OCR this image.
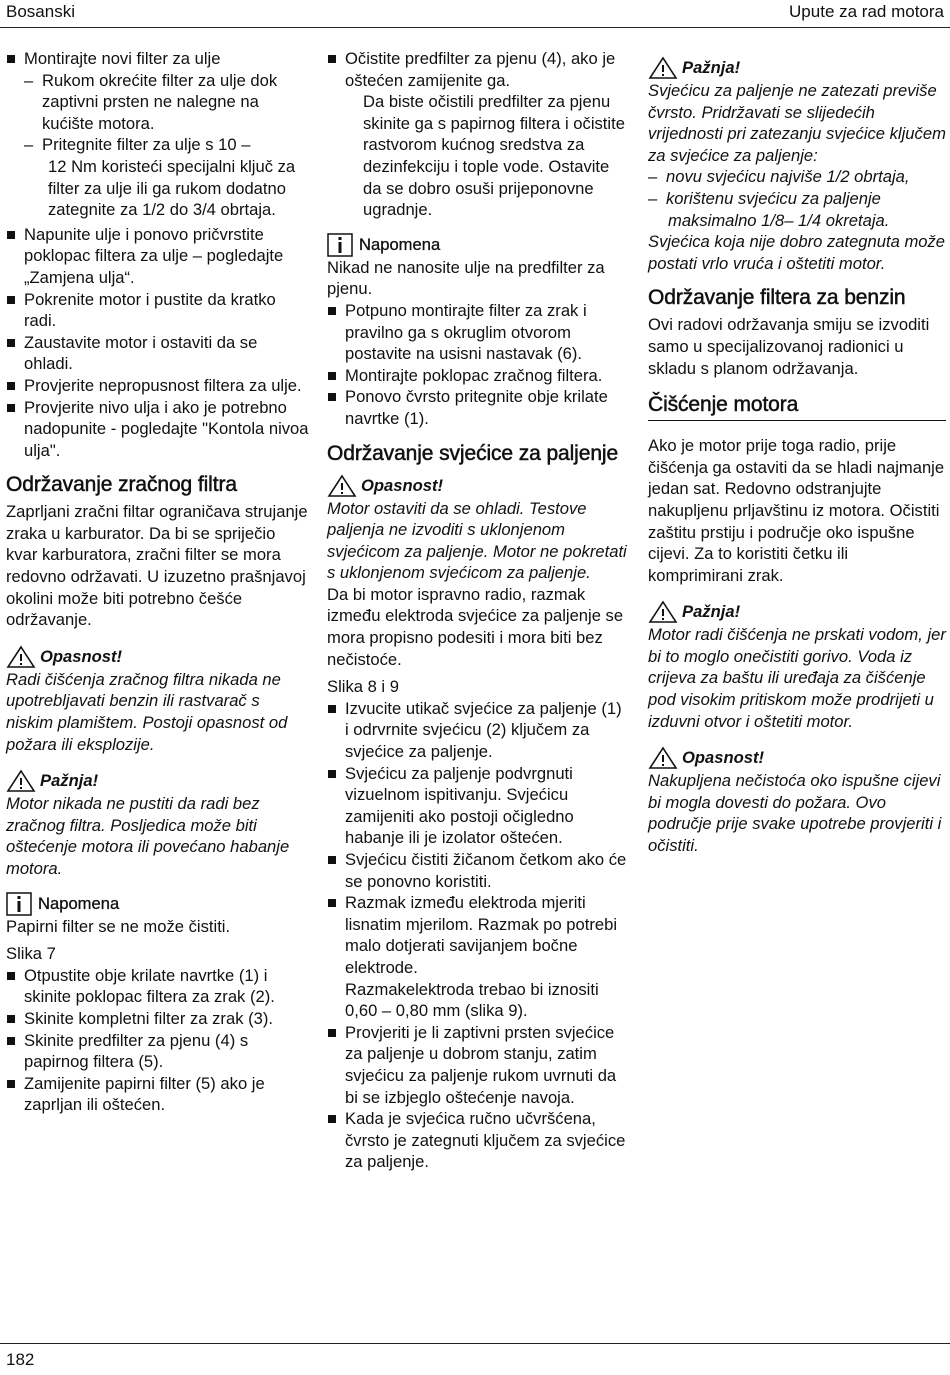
Bosanski	Upute za rad motora
Montirajte novi filter za ulje
– Rukom okrećite filter za ulje dok zaptivni prsten ne nalegne na kućište motora.
– Pritegnite filter za ulje s 10 –
12 Nm koristeći specijalni ključ za filter za ulje ili ga rukom dodatno zategnite za 1/2 do 3/4 obrtaja.
Napunite ulje i ponovo pričvrstite poklopac filtera za ulje – pogledajte „Zamjena ulja“.
Pokrenite motor i pustite da kratko radi.
Zaustavite motor i ostaviti da se ohladi.
Provjerite nepropusnost filtera za ulje.
Provjerite nivo ulja i ako je potrebno nadopunite - pogledajte "Kontola nivoa ulja".
Održavanje zračnog filtra

Zaprljani zračni filtar ograničava strujanje zraka u karburator. Da bi se spriječio kvar karburatora, zračni filter se mora redovno održavati. U izuzetno prašnjavoj okolini može biti potrebno češće održavanje.

Opasnost!

Radi čišćenja zračnog filtra nikada ne upotrebljavati benzin ili rastvarač s niskim plamištem. Postoji opasnost od požara ili eksplozije.

Pažnja!

Motor nikada ne pustiti da radi bez zračnog filtra. Posljedica može biti oštećenje motora ili povećano habanje motora.

Napomena

Papirni filter se ne može čistiti.

Slika 7

Otpustite obje krilate navrtke (1) i skinite poklopac filtera za zrak (2).
Skinite kompletni filter za zrak (3).
Skinite predfilter za pjenu (4) s papirnog filtera (5).
Zamijenite papirni filter (5) ako je zaprljan ili oštećen.
Očistite predfilter za pjenu (4), ako je oštećen zamijenite ga.
Da biste očistili predfilter za pjenu skinite ga s papirnog filtera i očistite rastvorom kućnog sredstva za dezinfekciju i tople vode. Ostavite da se dobro osuši prijeponovne ugradnje.
Napomena

Nikad ne nanosite ulje na predfilter za pjenu.

Potpuno montirajte filter za zrak i pravilno ga s okruglim otvorom postavite na usisni nastavak (6).
Montirajte poklopac zračnog filtera.
Ponovo čvrsto pritegnite obje krilate navrtke (1).
Održavanje svjećice za paljenje
Opasnost!

Motor ostaviti da se ohladi. Testove paljenja ne izvoditi s uklonjenom svjećicom za paljenje. Motor ne pokretati s uklonjenom svjećicom za paljenje.

Da bi motor ispravno radio, razmak između elektroda svjećice za paljenje se mora propisno podesiti i mora biti bez nečistoće.

Slika 8 i 9

Izvucite utikač svjećice za paljenje (1) i odrvrnite svjećicu (2) ključem za svjećice za paljenje.
Svjećicu za paljenje podvrgnuti vizuelnom ispitivanju. Svjećicu zamijeniti ako postoji očigledno habanje ili je izolator oštećen.
Svjećicu čistiti žičanom četkom ako će se ponovno koristiti.
Razmak između elektroda mjeriti lisnatim mjerilom. Razmak po potrebi malo dotjerati savijanjem bočne elektrode.
Razmakelektroda trebao bi iznositi 0,60 – 0,80 mm (slika 9).
Provjeriti je li zaptivni prsten svjećice za paljenje u dobrom stanju, zatim svjećicu za paljenje rukom uvrnuti da bi se izbjeglo oštećenje navoja.
Kada je svjećica ručno učvršćena, čvrsto je zategnuti ključem za svjećice za paljenje.
Pažnja!

Svjećicu za paljenje ne zatezati previše čvrsto. Pridržavati se slijedećih vrijednosti pri zatezanju svjećice ključem za svjećice za paljenje:

– novu svjećicu najviše 1/2 obrtaja,
– korištenu svjećicu za paljenje
maksimalno 1/8– 1/4 okretaja.

Svjećica koja nije dobro zategnuta može postati vrlo vruća i oštetiti motor.

Održavanje filtera za benzin

Ovi radovi održavanja smiju se izvoditi samo u specijalizovanoj radionici u skladu s planom održavanja.

Čišćenje motora

Ako je motor prije toga radio, prije čišćenja ga ostaviti da se hladi najmanje jedan sat. Redovno odstranjujte nakupljenu prljavštinu iz motora. Očistiti zaštitu prstiju i područje oko ispušne cijevi. Za to koristiti četku ili komprimirani zrak.

Pažnja!

Motor radi čišćenja ne prskati vodom, jer bi to moglo onečistiti gorivo. Voda iz crijeva za baštu ili uređaja za čišćenje pod visokim pritiskom može prodrijeti u izduvni otvor i oštetiti motor.

Opasnost!

Nakupljena nečistoća oko ispušne cijevi bi mogla dovesti do požara. Ovo područje prije svake upotrebe provjeriti i očistiti.

182
